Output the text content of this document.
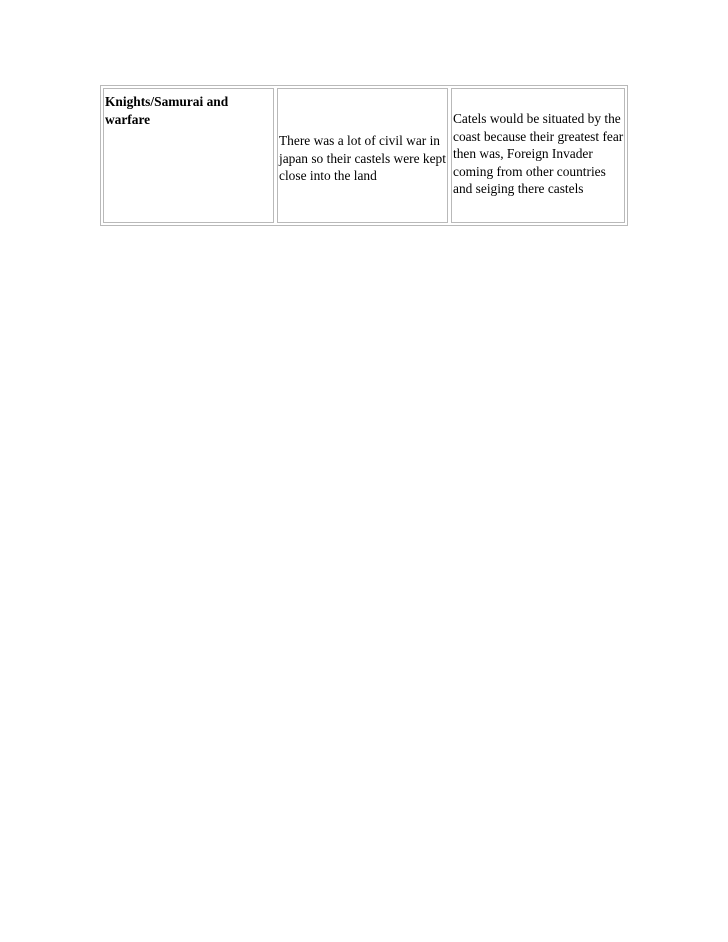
Knights/Samurai and warfare
There was a lot of civil war in japan so their castels were kept close into the land
Catels would be situated by the coast because their greatest fear then was, Foreign Invader coming from other countries and seiging there castels
